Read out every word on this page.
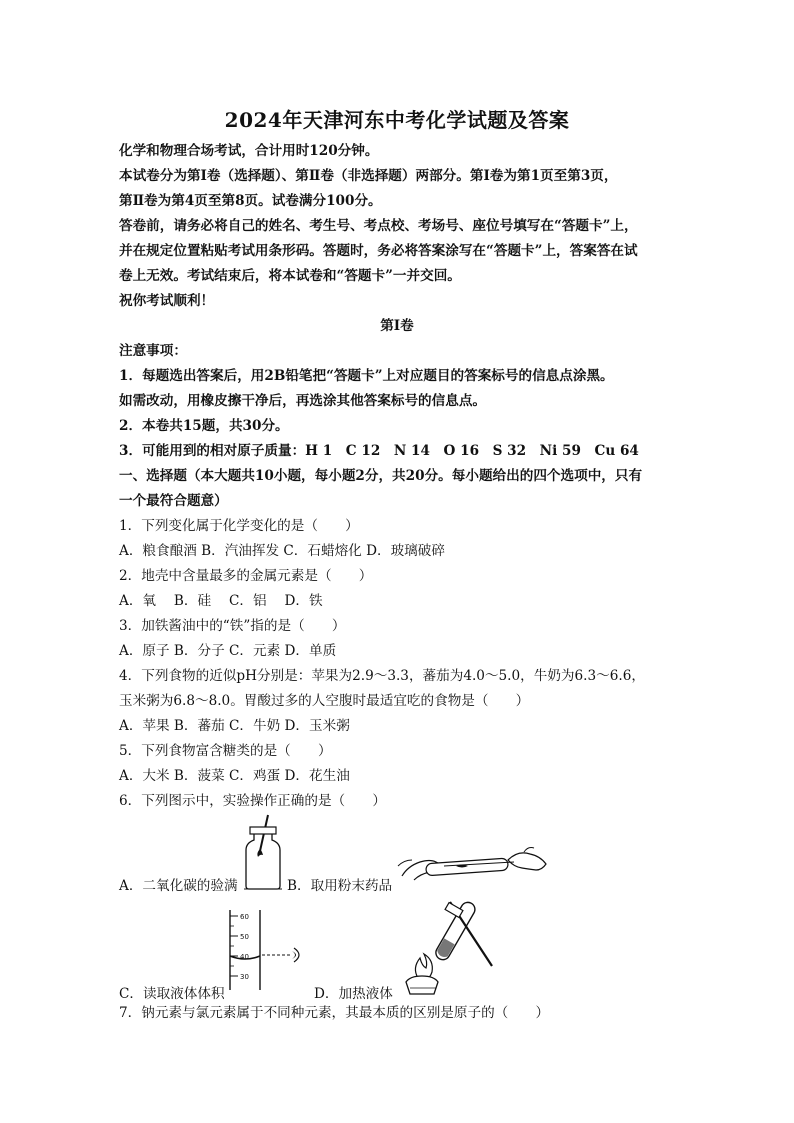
2024年天津河东中考化学试题及答案
化学和物理合场考试，合计用时120分钟。
本试卷分为第Ⅰ卷（选择题）、第Ⅱ卷（非选择题）两部分。第Ⅰ卷为第1页至第3页，
第Ⅱ卷为第4页至第8页。试卷满分100分。
答卷前，请务必将自己的姓名、考生号、考点校、考场号、座位号填写在“答题卡”上，
并在规定位置粘贴考试用条形码。答题时，务必将答案涂写在“答题卡”上，答案答在试
卷上无效。考试结束后，将本试卷和“答题卡”一并交回。
祝你考试顺利！
第Ⅰ卷
注意事项：
1．每题选出答案后，用2B铅笔把“答题卡”上对应题目的答案标号的信息点涂黑。
如需改动，用橡皮擦干净后，再选涂其他答案标号的信息点。
2．本卷共15题，共30分。
3．可能用到的相对原子质量：H 1　C 12　N 14　O 16　S 32　Ni 59　Cu 64
一、选择题（本大题共10小题，每小题2分，共20分。每小题给出的四个选项中，只有
一个最符合题意）
1．下列变化属于化学变化的是（　　）
A．粮食酿酒 B．汽油挥发 C．石蜡熔化 D．玻璃破碎
2．地壳中含量最多的金属元素是（　　）
A．氧　 B．硅　 C．铝　 D．铁
3．加铁酱油中的“铁”指的是（　　）
A．原子 B．分子 C．元素 D．单质
4．下列食物的近似pH分别是：苹果为2.9～3.3，蕃茄为4.0～5.0，牛奶为6.3～6.6，
玉米粥为6.8～8.0。胃酸过多的人空腹时最适宜吃的食物是（　　）
A．苹果 B．蕃茄 C．牛奶 D．玉米粥
5．下列食物富含糖类的是（　　）
A．大米 B．菠菜 C．鸡蛋 D．花生油
6．下列图示中，实验操作正确的是（　　）
A．二氧化碳的验满	B．取用粉末药品
60
50
40
30
C．读取液体体积	D．加热液体
7．钠元素与氯元素属于不同种元素，其最本质的区别是原子的（　　）
